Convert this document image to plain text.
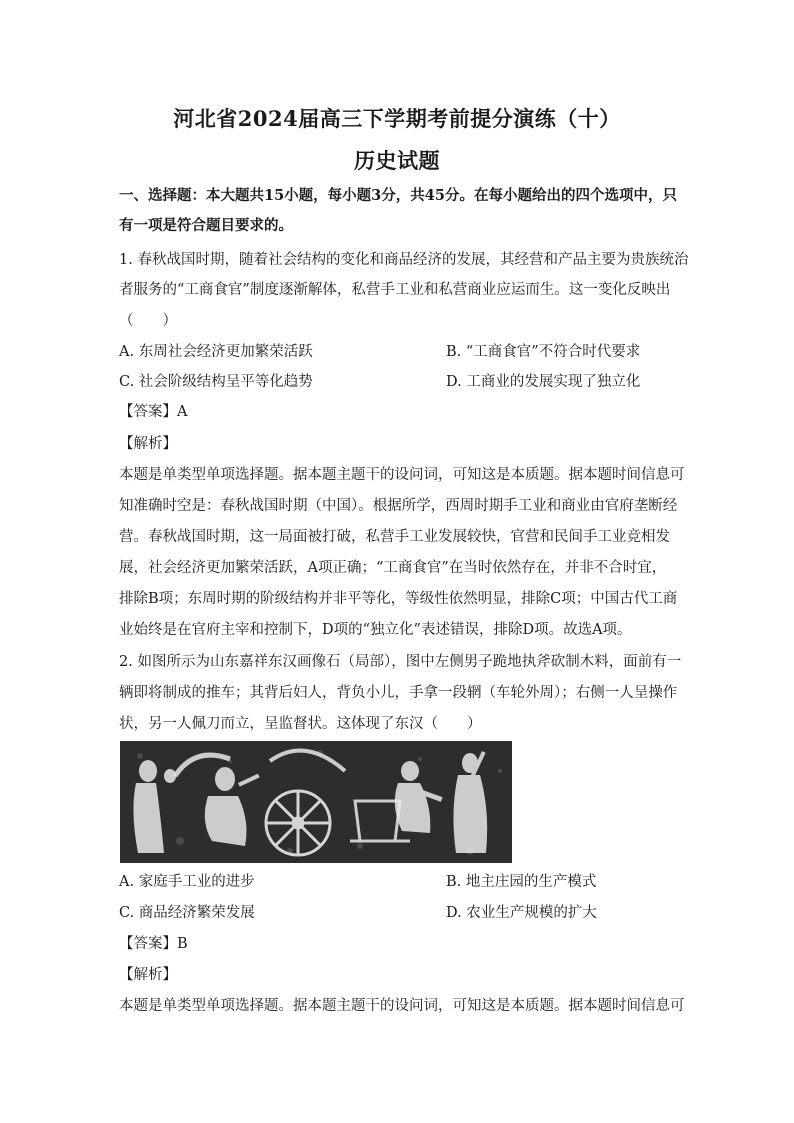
河北省2024届高三下学期考前提分演练（十）
历史试题
一、选择题：本大题共15小题，每小题3分，共45分。在每小题给出的四个选项中，只
有一项是符合题目要求的。
1. 春秋战国时期，随着社会结构的变化和商品经济的发展，其经营和产品主要为贵族统治
者服务的“工商食官”制度逐渐解体，私营手工业和私营商业应运而生。这一变化反映出
（　　）
A. 东周社会经济更加繁荣活跃	B. “工商食官”不符合时代要求
C. 社会阶级结构呈平等化趋势	D. 工商业的发展实现了独立化
【答案】A
【解析】
本题是单类型单项选择题。据本题主题干的设问词，可知这是本质题。据本题时间信息可
知准确时空是：春秋战国时期（中国）。根据所学，西周时期手工业和商业由官府垄断经
营。春秋战国时期，这一局面被打破，私营手工业发展较快，官营和民间手工业竞相发
展，社会经济更加繁荣活跃，A项正确；“工商食官”在当时依然存在，并非不合时宜，
排除B项；东周时期的阶级结构并非平等化，等级性依然明显，排除C项；中国古代工商
业始终是在官府主宰和控制下，D项的“独立化”表述错误，排除D项。故选A项。
2. 如图所示为山东嘉祥东汉画像石（局部），图中左侧男子跪地执斧砍制木料，面前有一
辆即将制成的推车；其背后妇人，背负小儿，手拿一段辋（车轮外周）；右侧一人呈操作
状，另一人佩刀而立，呈监督状。这体现了东汉（　　）
A. 家庭手工业的进步	B. 地主庄园的生产模式
C. 商品经济繁荣发展	D. 农业生产规模的扩大
【答案】B
【解析】
本题是单类型单项选择题。据本题主题干的设问词，可知这是本质题。据本题时间信息可
